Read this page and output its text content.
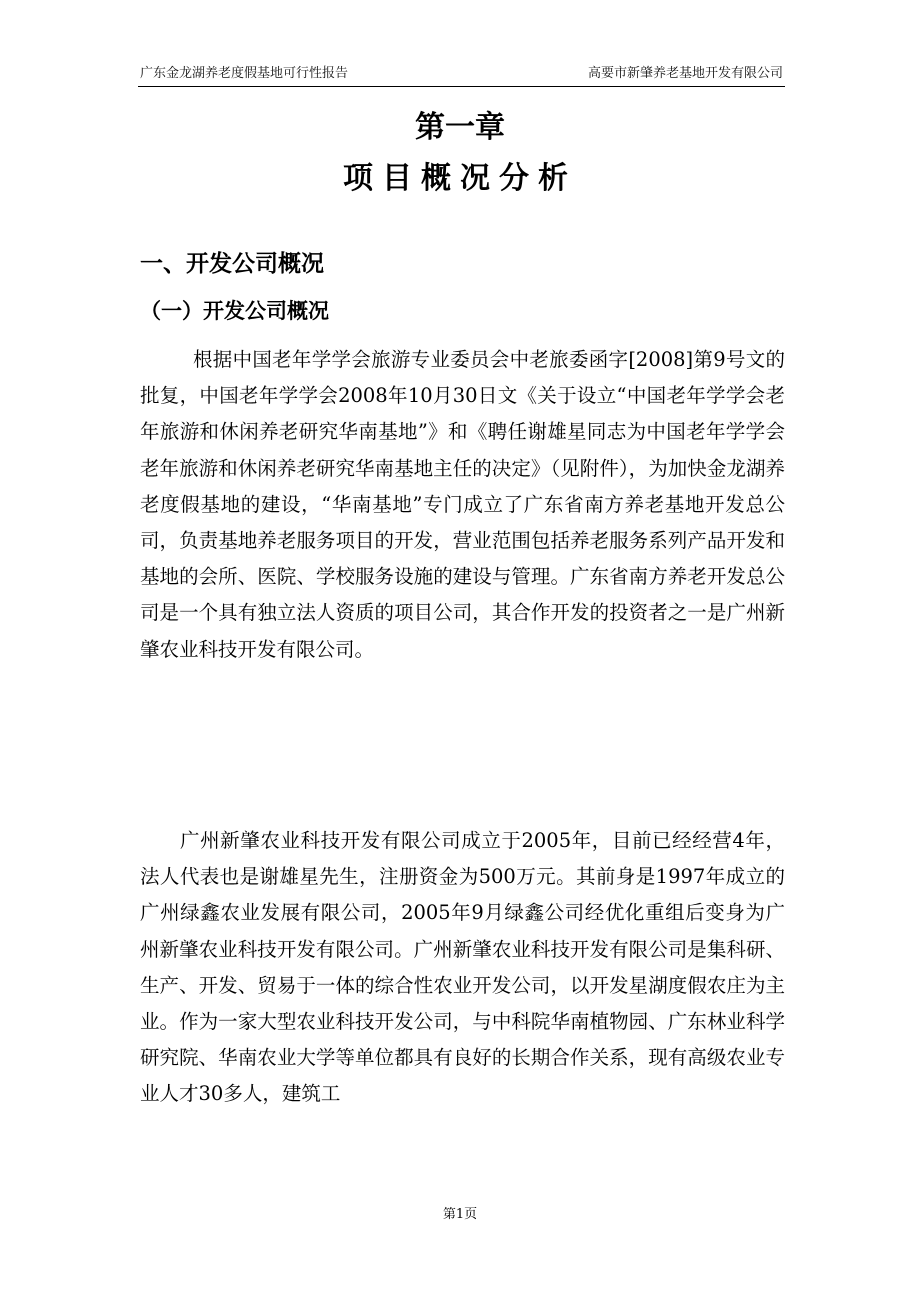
广东金龙湖养老度假基地可行性报告	高要市新肇养老基地开发有限公司
第一章
项目概况分析
一、开发公司概况
（一）开发公司概况

根据中国老年学学会旅游专业委员会中老旅委函字[2008]第9号文的批复，中国老年学学会2008年10月30日文《关于设立“中国老年学学会老年旅游和休闲养老研究华南基地”》和《聘任谢雄星同志为中国老年学学会老年旅游和休闲养老研究华南基地主任的决定》（见附件），为加快金龙湖养老度假基地的建设，“华南基地”专门成立了广东省南方养老基地开发总公司，负责基地养老服务项目的开发，营业范围包括养老服务系列产品开发和基地的会所、医院、学校服务设施的建设与管理。广东省南方养老开发总公司是一个具有独立法人资质的项目公司，其合作开发的投资者之一是广州新肇农业科技开发有限公司。

广州新肇农业科技开发有限公司成立于2005年，目前已经经营4年，法人代表也是谢雄星先生，注册资金为500万元。其前身是1997年成立的广州绿鑫农业发展有限公司，2005年9月绿鑫公司经优化重组后变身为广州新肇农业科技开发有限公司。广州新肇农业科技开发有限公司是集科研、生产、开发、贸易于一体的综合性农业开发公司，以开发星湖度假农庄为主业。作为一家大型农业科技开发公司，与中科院华南植物园、广东林业科学研究院、华南农业大学等单位都具有良好的长期合作关系，现有高级农业专业人才30多人，建筑工

第1页
